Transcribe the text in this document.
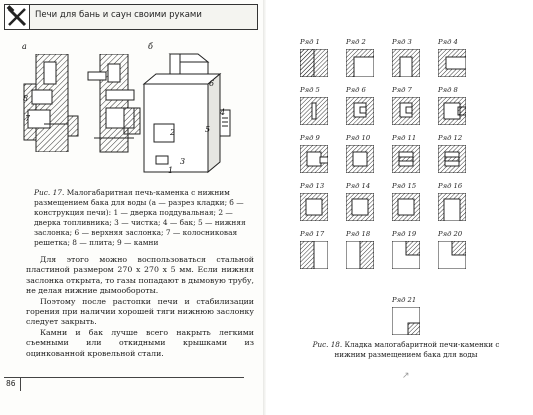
Печи для бань и саун своими руками
а
8
7
б
6
5
2
3
4
1
Рис. 17. Малогабаритная печь-каменка с нижним размещением бака для воды (а — разрез кладки; б — конструкция печи): 1 — дверка поддувальная; 2 — дверка топливника; 3 — чистка; 4 — бак; 5 — нижняя заслонка; 6 — верхняя заслонка; 7 — колосниковая решетка; 8 — плита; 9 — камни

Для этого можно воспользоваться стальной пластиной размером 270 х 270 х 5 мм. Если нижняя заслонка открыта, то газы попадают в дымовую трубу, не делая нижние дымообороты.

Поэтому после растопки печи и стабилизации горения при наличии хорошей тяги нижнюю заслонку следует закрыть.

Камни и бак лучше всего накрыть легкими съемными или откидными крышками из оцинкованной кровельной стали.

86
Ряд 1	Ряд 2	Ряд 3	Ряд 4
Ряд 5	Ряд 6	Ряд 7	Ряд 8
Ряд 9	Ряд 10	Ряд 11	Ряд 12
Ряд 13	Ряд 14	Ряд 15	Ряд 16
Ряд 17	Ряд 18	Ряд 19	Ряд 20
Ряд 21
Рис. 18. Кладка малогабаритной печи-каменки с нижним размещением бака для воды
↗
